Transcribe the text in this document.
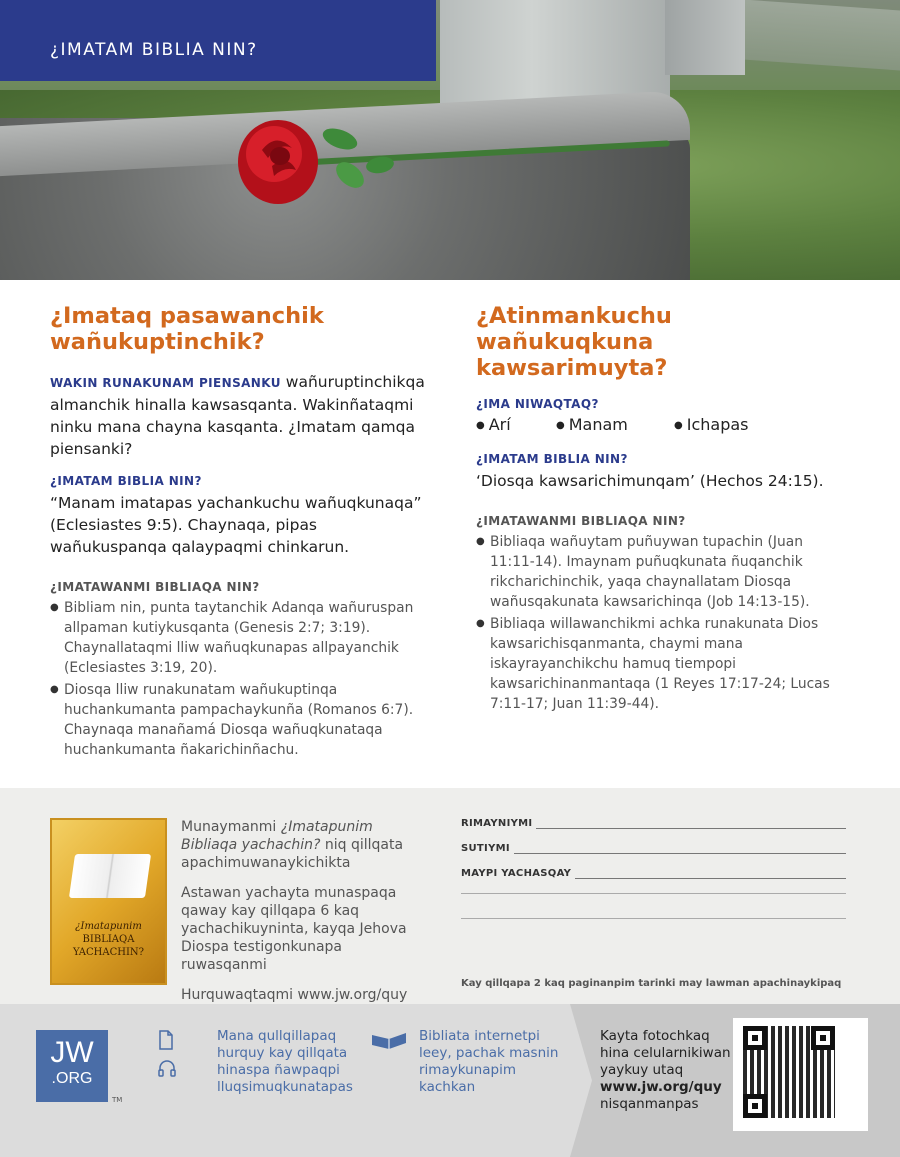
¿IMATAM BIBLIA NIN?
¿Imataq pasawanchik wañukuptinchik?

WAKIN RUNAKUNAM PIENSANKU wañuruptinchikqa almanchik hinalla kawsasqanta. Wakinñataqmi ninku mana chayna kasqanta. ¿Imatam qamqa piensanki?

¿IMATAM BIBLIA NIN?

“Manam imatapas yachankuchu wañuqkunaqa” (Eclesiastes 9:5). Chaynaqa, pipas wañukuspanqa qalaypaqmi chinkarun.

¿IMATAWANMI BIBLIAQA NIN?
● Bibliam nin, punta taytanchik Adanqa wañuruspan allpaman kutiykusqanta (Genesis 2:7; 3:19). Chaynallataqmi lliw wañuqkunapas allpayanchik (Eclesiastes 3:19, 20).
● Diosqa lliw runakunatam wañukuptinqa huchankumanta pampachaykunña (Romanos 6:7). Chaynaqa manañamá Diosqa wañuqkunataqa huchankumanta ñakarichinñachu.
¿Atinmankuchu wañukuqkuna kawsarimuyta?
¿IMA NIWAQTAQ?
● Arí	● Manam	● Ichapas
¿IMATAM BIBLIA NIN?

‘Diosqa kawsarichimunqam’ (Hechos 24:15).

¿IMATAWANMI BIBLIAQA NIN?
● Bibliaqa wañuytam puñuywan tupachin (Juan 11:11-14). Imaynam puñuqkunata ñuqanchik rikcharichinchik, yaqa chaynallatam Diosqa wañusqakunata kawsarichinqa (Job 14:13-15).
● Bibliaqa willawanchikmi achka runakunata Dios kawsarichisqanmanta, chaymi mana iskayrayanchikchu hamuq tiempopi kawsarichinanmantaqa (1 Reyes 17:17-24; Lucas 7:11-17; Juan 11:39-44).
¿Imatapunim
BIBLIAQA YACHACHIN?

Munaymanmi ¿Imatapunim Bibliaqa yachachin? niq qillqata apachimuwanaykichikta

Astawan yachayta munaspaqa qaway kay qillqapa 6 kaq yachachikuyninta, kayqa Jehova Diospa testigonkunapa ruwasqanmi

Hurquwaqtaqmi www.jw.org/quy

RIMAYNIYMI
SUTIYMI
MAYPI YACHASQAY
Kay qillqapa 2 kaq paginanpim tarinki may lawman apachinaykipaq
JW
.ORG
TM
Mana qullqillapaq hurquy kay qillqata hinaspa ñawpaqpi lluqsimuqkunatapas
Bibliata internetpi leey, pachak masnin rimaykunapim kachkan
Kayta fotochkaq hina celularnikiwan yaykuy utaq
www.jw.org/quy
nisqanmanpas
